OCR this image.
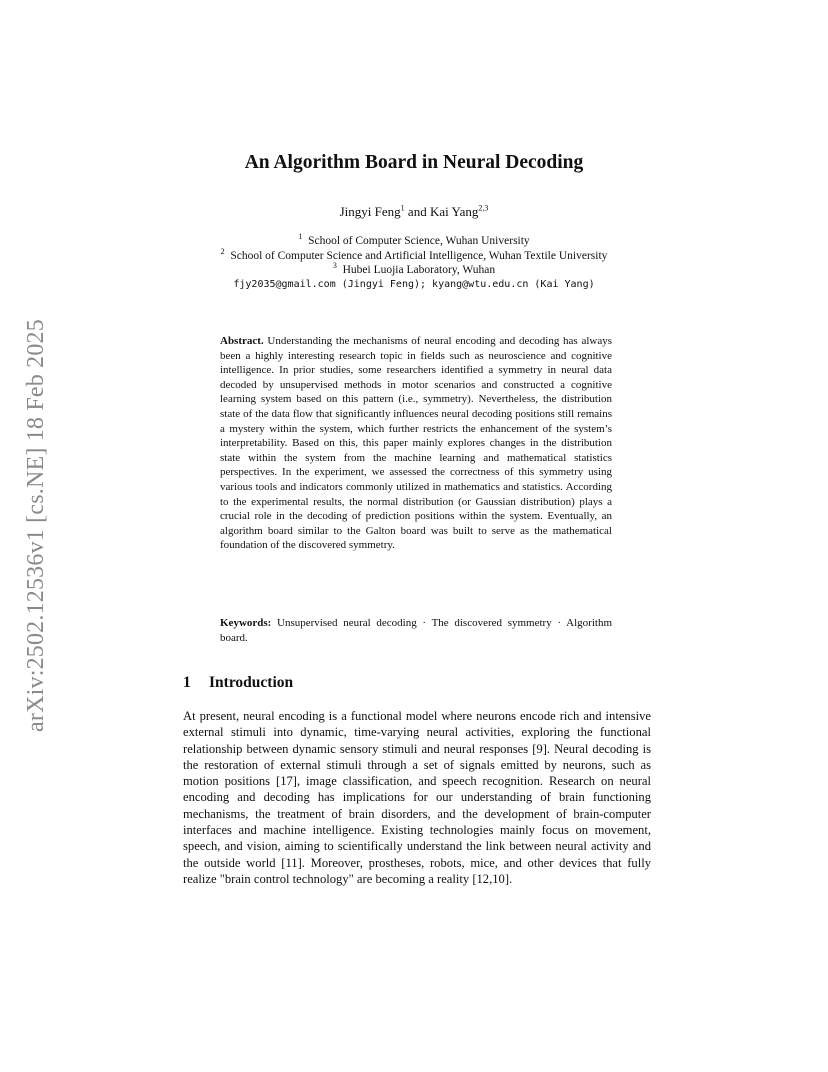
arXiv:2502.12536v1 [cs.NE] 18 Feb 2025
An Algorithm Board in Neural Decoding
Jingyi Feng$^1$ and Kai Yang$^{2,3}$
$^1$ School of Computer Science, Wuhan University
$^2$ School of Computer Science and Artificial Intelligence, Wuhan Textile University
$^3$ Hubei Luojia Laboratory, Wuhan
fjy2035@gmail.com (Jingyi Feng); kyang@wtu.edu.cn (Kai Yang)
Abstract. Understanding the mechanisms of neural encoding and decoding has always been a highly interesting research topic in fields such as neuroscience and cognitive intelligence. In prior studies, some researchers identified a symmetry in neural data decoded by unsupervised methods in motor scenarios and constructed a cognitive learning system based on this pattern (i.e., symmetry). Nevertheless, the distribution state of the data flow that significantly influences neural decoding positions still remains a mystery within the system, which further restricts the enhancement of the system’s interpretability. Based on this, this paper mainly explores changes in the distribution state within the system from the machine learning and mathematical statistics perspectives. In the experiment, we assessed the correctness of this symmetry using various tools and indicators commonly utilized in mathematics and statistics. According to the experimental results, the normal distribution (or Gaussian distribution) plays a crucial role in the decoding of prediction positions within the system. Eventually, an algorithm board similar to the Galton board was built to serve as the mathematical foundation of the discovered symmetry.
Keywords: Unsupervised neural decoding · The discovered symmetry · Algorithm board.
1 Introduction
At present, neural encoding is a functional model where neurons encode rich and intensive external stimuli into dynamic, time-varying neural activities, exploring the functional relationship between dynamic sensory stimuli and neural responses [9]. Neural decoding is the restoration of external stimuli through a set of signals emitted by neurons, such as motion positions [17], image classification, and speech recognition. Research on neural encoding and decoding has implications for our understanding of brain functioning mechanisms, the treatment of brain disorders, and the development of brain-computer interfaces and machine intelligence. Existing technologies mainly focus on movement, speech, and vision, aiming to scientifically understand the link between neural activity and the outside world [11]. Moreover, prostheses, robots, mice, and other devices that fully realize "brain control technology" are becoming a reality [12,10].
